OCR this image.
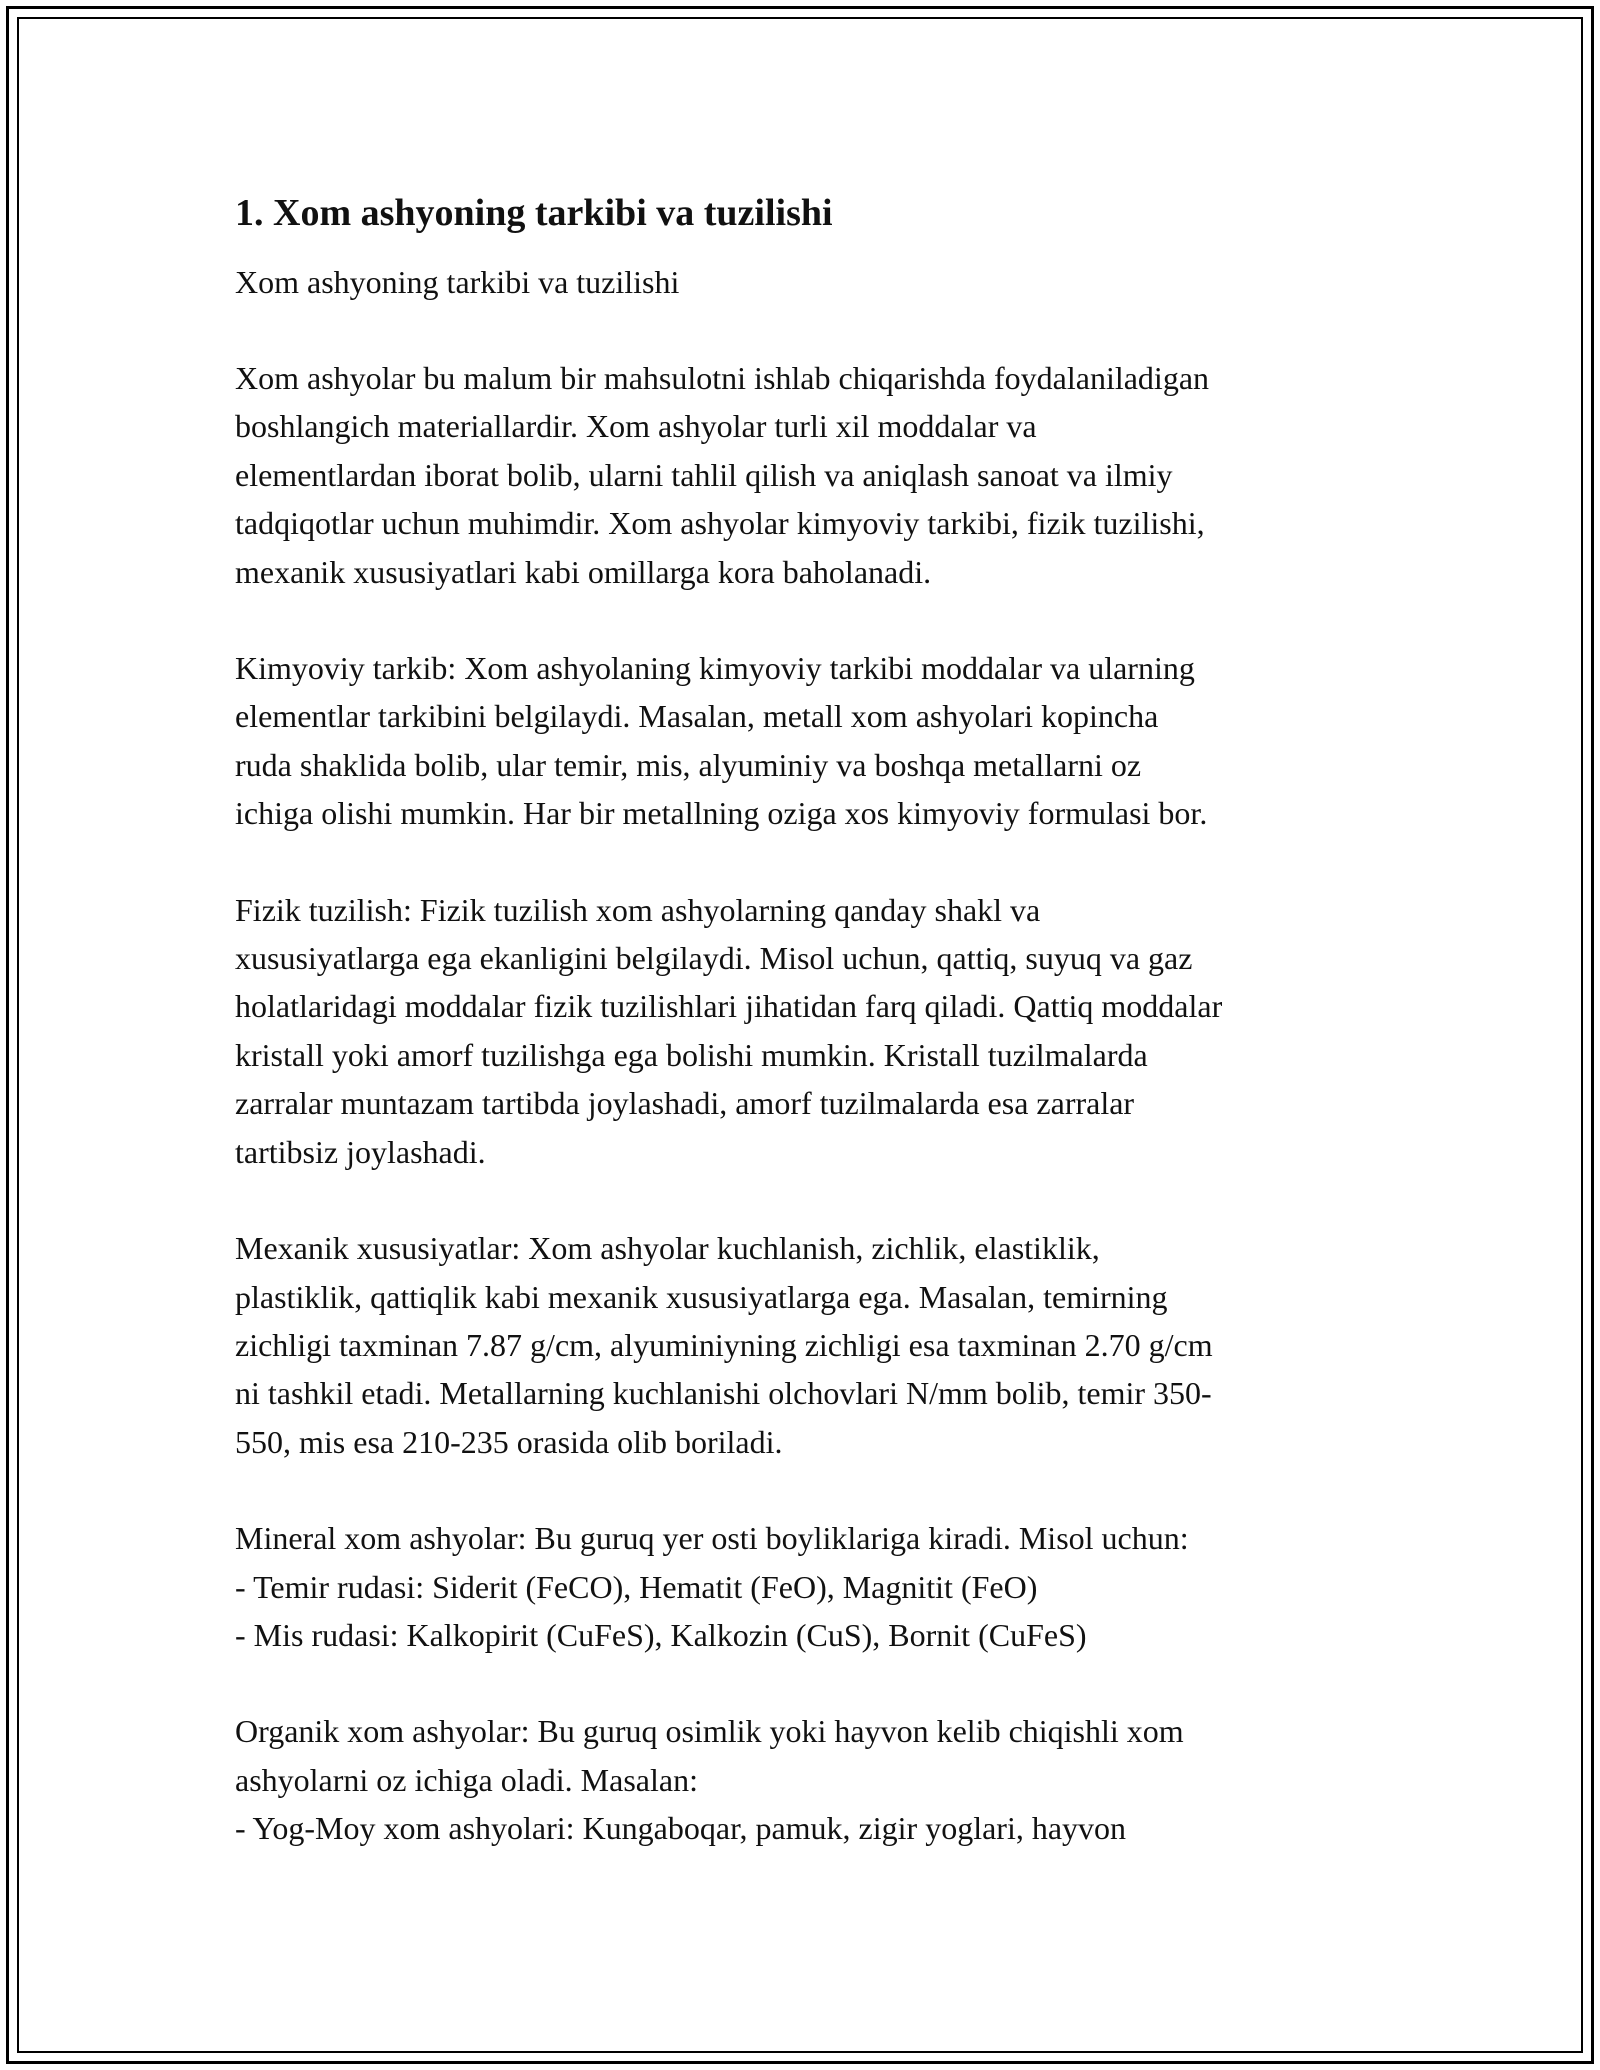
1. Xom ashyoning tarkibi va tuzilishi
Xom ashyoning tarkibi va tuzilishi
Xom ashyolar bu malum bir mahsulotni ishlab chiqarishda foydalaniladigan
boshlangich materiallardir. Xom ashyolar turli xil moddalar va
elementlardan iborat bolib, ularni tahlil qilish va aniqlash sanoat va ilmiy
tadqiqotlar uchun muhimdir. Xom ashyolar kimyoviy tarkibi, fizik tuzilishi,
mexanik xususiyatlari kabi omillarga kora baholanadi.
Kimyoviy tarkib: Xom ashyolaning kimyoviy tarkibi moddalar va ularning
elementlar tarkibini belgilaydi. Masalan, metall xom ashyolari kopincha
ruda shaklida bolib, ular temir, mis, alyuminiy va boshqa metallarni oz
ichiga olishi mumkin. Har bir metallning oziga xos kimyoviy formulasi bor.
Fizik tuzilish: Fizik tuzilish xom ashyolarning qanday shakl va
xususiyatlarga ega ekanligini belgilaydi. Misol uchun, qattiq, suyuq va gaz
holatlaridagi moddalar fizik tuzilishlari jihatidan farq qiladi. Qattiq moddalar
kristall yoki amorf tuzilishga ega bolishi mumkin. Kristall tuzilmalarda
zarralar muntazam tartibda joylashadi, amorf tuzilmalarda esa zarralar
tartibsiz joylashadi.
Mexanik xususiyatlar: Xom ashyolar kuchlanish, zichlik, elastiklik,
plastiklik, qattiqlik kabi mexanik xususiyatlarga ega. Masalan, temirning
zichligi taxminan 7.87 g/cm, alyuminiyning zichligi esa taxminan 2.70 g/cm
ni tashkil etadi. Metallarning kuchlanishi olchovlari N/mm bolib, temir 350-
550, mis esa 210-235 orasida olib boriladi.
Mineral xom ashyolar: Bu guruq yer osti boyliklariga kiradi. Misol uchun:
- Temir rudasi: Siderit (FeCO), Hematit (FeO), Magnitit (FeO)
- Mis rudasi: Kalkopirit (CuFeS), Kalkozin (CuS), Bornit (CuFeS)
Organik xom ashyolar: Bu guruq osimlik yoki hayvon kelib chiqishli xom
ashyolarni oz ichiga oladi. Masalan:
- Yog-Moy xom ashyolari: Kungaboqar, pamuk, zigir yoglari, hayvon
